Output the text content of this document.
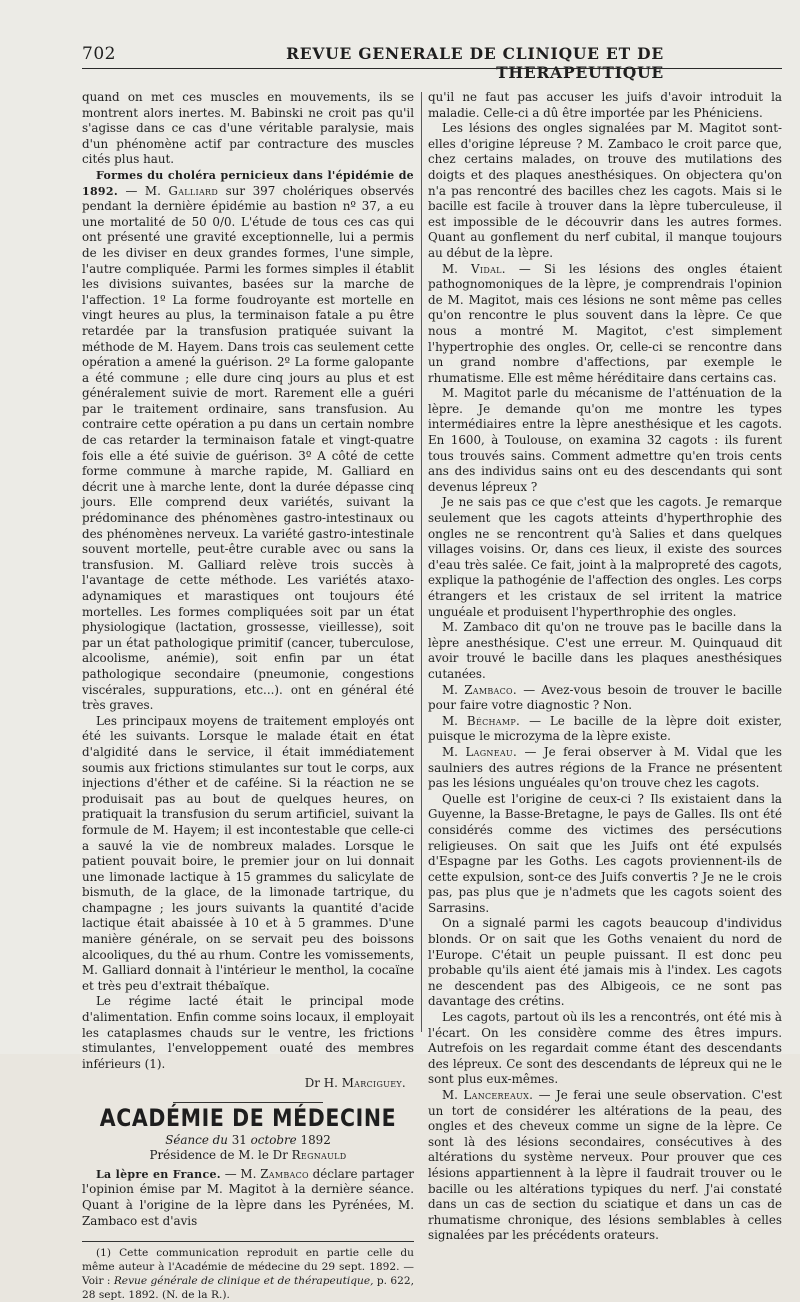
702	REVUE GENERALE DE CLINIQUE ET DE THERAPEUTIQUE

quand on met ces muscles en mouvements, ils se montrent alors inertes. M. Babinski ne croit pas qu'il s'agisse dans ce cas d'une véritable paralysie, mais d'un phénomène actif par contracture des muscles cités plus haut.

Formes du choléra pernicieux dans l'épidémie de 1892. — M. Galliard sur 397 cholériques observés pendant la dernière épidémie au bastion nº 37, a eu une mortalité de 50 0/0. L'étude de tous ces cas qui ont présenté une gravité exceptionnelle, lui a permis de les diviser en deux grandes formes, l'une simple, l'autre compliquée. Parmi les formes simples il établit les divisions suivantes, basées sur la marche de l'affection. 1º La forme foudroyante est mortelle en vingt heures au plus, la terminaison fatale a pu être retardée par la transfusion pratiquée suivant la méthode de M. Hayem. Dans trois cas seulement cette opération a amené la guérison. 2º La forme galopante a été commune ; elle dure cinq jours au plus et est généralement suivie de mort. Rarement elle a guéri par le traitement ordinaire, sans transfusion. Au contraire cette opération a pu dans un certain nombre de cas retarder la terminaison fatale et vingt-quatre fois elle a été suivie de guérison. 3º A côté de cette forme commune à marche rapide, M. Galliard en décrit une à marche lente, dont la durée dépasse cinq jours. Elle comprend deux variétés, suivant la prédominance des phénomènes gastro-intestinaux ou des phénomènes nerveux. La variété gastro-intestinale souvent mortelle, peut-être curable avec ou sans la transfusion. M. Galliard relève trois succès à l'avantage de cette méthode. Les variétés ataxo-adynamiques et marastiques ont toujours été mortelles. Les formes compliquées soit par un état physiologique (lactation, grossesse, vieillesse), soit par un état pathologique primitif (cancer, tuberculose, alcoolisme, anémie), soit enfin par un état pathologique secondaire (pneumonie, congestions viscérales, suppurations, etc...). ont en général été très graves.

Les principaux moyens de traitement employés ont été les suivants. Lorsque le malade était en état d'algidité dans le service, il était immédiatement soumis aux frictions stimulantes sur tout le corps, aux injections d'éther et de caféine. Si la réaction ne se produisait pas au bout de quelques heures, on pratiquait la transfusion du serum artificiel, suivant la formule de M. Hayem; il est incontestable que celle-ci a sauvé la vie de nombreux malades. Lorsque le patient pouvait boire, le premier jour on lui donnait une limonade lactique à 15 grammes du salicylate de bismuth, de la glace, de la limonade tartrique, du champagne ; les jours suivants la quantité d'acide lactique était abaissée à 10 et à 5 grammes. D'une manière générale, on se servait peu des boissons alcooliques, du thé au rhum. Contre les vomissements, M. Galliard donnait à l'intérieur le menthol, la cocaïne et très peu d'extrait thébaïque.

Le régime lacté était le principal mode d'alimentation. Enfin comme soins locaux, il employait les cataplasmes chauds sur le ventre, les frictions stimulantes, l'enveloppement ouaté des membres inférieurs (1).

Dr H. Marciguey.

ACADÉMIE DE MÉDECINE

Séance du 31 octobre 1892

Présidence de M. le Dr Regnauld

La lèpre en France. — M. Zambaco déclare partager l'opinion émise par M. Magitot à la dernière séance. Quant à l'origine de la lèpre dans les Pyrénées, M. Zambaco est d'avis

(1) Cette communication reproduit en partie celle du même auteur à l'Académie de médecine du 29 sept. 1892. — Voir : Revue générale de clinique et de thérapeutique, p. 622, 28 sept. 1892. (N. de la R.).

qu'il ne faut pas accuser les juifs d'avoir introduit la maladie. Celle-ci a dû être importée par les Phéniciens.

Les lésions des ongles signalées par M. Magitot sont-elles d'origine lépreuse ? M. Zambaco le croit parce que, chez certains malades, on trouve des mutilations des doigts et des plaques anesthésiques. On objectera qu'on n'a pas rencontré des bacilles chez les cagots. Mais si le bacille est facile à trouver dans la lèpre tuberculeuse, il est impossible de le découvrir dans les autres formes. Quant au gonflement du nerf cubital, il manque toujours au début de la lèpre.

M. Vidal. — Si les lésions des ongles étaient pathognomoniques de la lèpre, je comprendrais l'opinion de M. Magitot, mais ces lésions ne sont même pas celles qu'on rencontre le plus souvent dans la lèpre. Ce que nous a montré M. Magitot, c'est simplement l'hypertrophie des ongles. Or, celle-ci se rencontre dans un grand nombre d'affections, par exemple le rhumatisme. Elle est même héréditaire dans certains cas.

M. Magitot parle du mécanisme de l'atténuation de la lèpre. Je demande qu'on me montre les types intermédiaires entre la lèpre anesthésique et les cagots. En 1600, à Toulouse, on examina 32 cagots : ils furent tous trouvés sains. Comment admettre qu'en trois cents ans des individus sains ont eu des descendants qui sont devenus lépreux ?

Je ne sais pas ce que c'est que les cagots. Je remarque seulement que les cagots atteints d'hyperthrophie des ongles ne se rencontrent qu'à Salies et dans quelques villages voisins. Or, dans ces lieux, il existe des sources d'eau très salée. Ce fait, joint à la malpropreté des cagots, explique la pathogénie de l'affection des ongles. Les corps étrangers et les cristaux de sel irritent la matrice unguéale et produisent l'hyperthrophie des ongles.

M. Zambaco dit qu'on ne trouve pas le bacille dans la lèpre anesthésique. C'est une erreur. M. Quinquaud dit avoir trouvé le bacille dans les plaques anesthésiques cutanées.

M. Zambaco. — Avez-vous besoin de trouver le bacille pour faire votre diagnostic ? Non.

M. Béchamp. — Le bacille de la lèpre doit exister, puisque le microzyma de la lèpre existe.

M. Lagneau. — Je ferai observer à M. Vidal que les saulniers des autres régions de la France ne présentent pas les lésions unguéales qu'on trouve chez les cagots.

Quelle est l'origine de ceux-ci ? Ils existaient dans la Guyenne, la Basse-Bretagne, le pays de Galles. Ils ont été considérés comme des victimes des persécutions religieuses. On sait que les Juifs ont été expulsés d'Espagne par les Goths. Les cagots proviennent-ils de cette expulsion, sont-ce des Juifs convertis ? Je ne le crois pas, pas plus que je n'admets que les cagots soient des Sarrasins.

On a signalé parmi les cagots beaucoup d'individus blonds. Or on sait que les Goths venaient du nord de l'Europe. C'était un peuple puissant. Il est donc peu probable qu'ils aient été jamais mis à l'index. Les cagots ne descendent pas des Albigeois, ce ne sont pas davantage des crétins.

Les cagots, partout où ils les a rencontrés, ont été mis à l'écart. On les considère comme des êtres impurs. Autrefois on les regardait comme étant des descendants des lépreux. Ce sont des descendants de lépreux qui ne le sont plus eux-mêmes.

M. Lancereaux. — Je ferai une seule observation. C'est un tort de considérer les altérations de la peau, des ongles et des cheveux comme un signe de la lèpre. Ce sont là des lésions secondaires, consécutives à des altérations du système nerveux. Pour prouver que ces lésions appartiennent à la lèpre il faudrait trouver ou le bacille ou les altérations typiques du nerf. J'ai constaté dans un cas de section du sciatique et dans un cas de rhumatisme chronique, des lésions semblables à celles signalées par les précédents orateurs.
